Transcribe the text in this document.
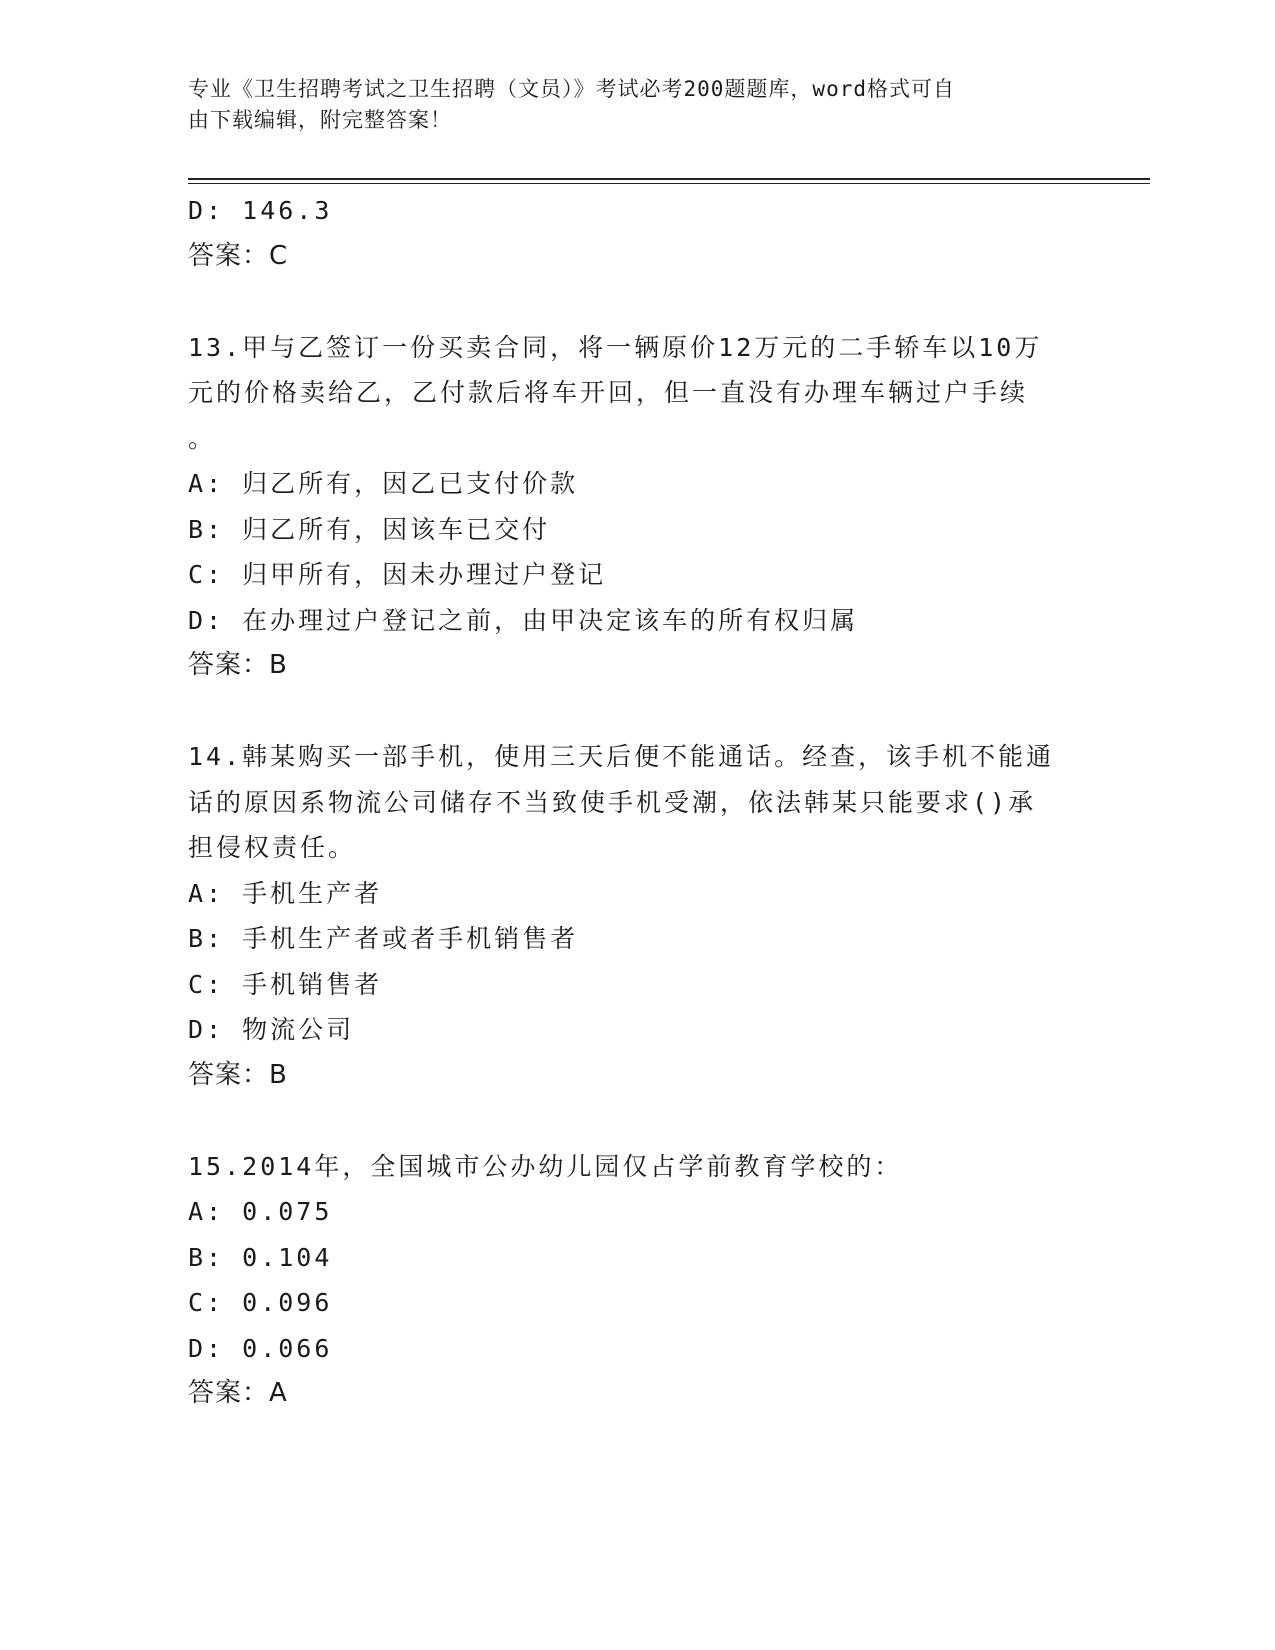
专业《卫生招聘考试之卫生招聘（文员）》考试必考200题题库，word格式可自
由下载编辑，附完整答案！
D: 146.3
答案：C
13.甲与乙签订一份买卖合同，将一辆原价12万元的二手轿车以10万
元的价格卖给乙，乙付款后将车开回，但一直没有办理车辆过户手续
。
A: 归乙所有，因乙已支付价款
B: 归乙所有，因该车已交付
C: 归甲所有，因未办理过户登记
D: 在办理过户登记之前，由甲决定该车的所有权归属
答案：B
14.韩某购买一部手机，使用三天后便不能通话。经查，该手机不能通
话的原因系物流公司储存不当致使手机受潮，依法韩某只能要求()承
担侵权责任。
A: 手机生产者
B: 手机生产者或者手机销售者
C: 手机销售者
D: 物流公司
答案：B
15.2014年，全国城市公办幼儿园仅占学前教育学校的：
A: 0.075
B: 0.104
C: 0.096
D: 0.066
答案：A
